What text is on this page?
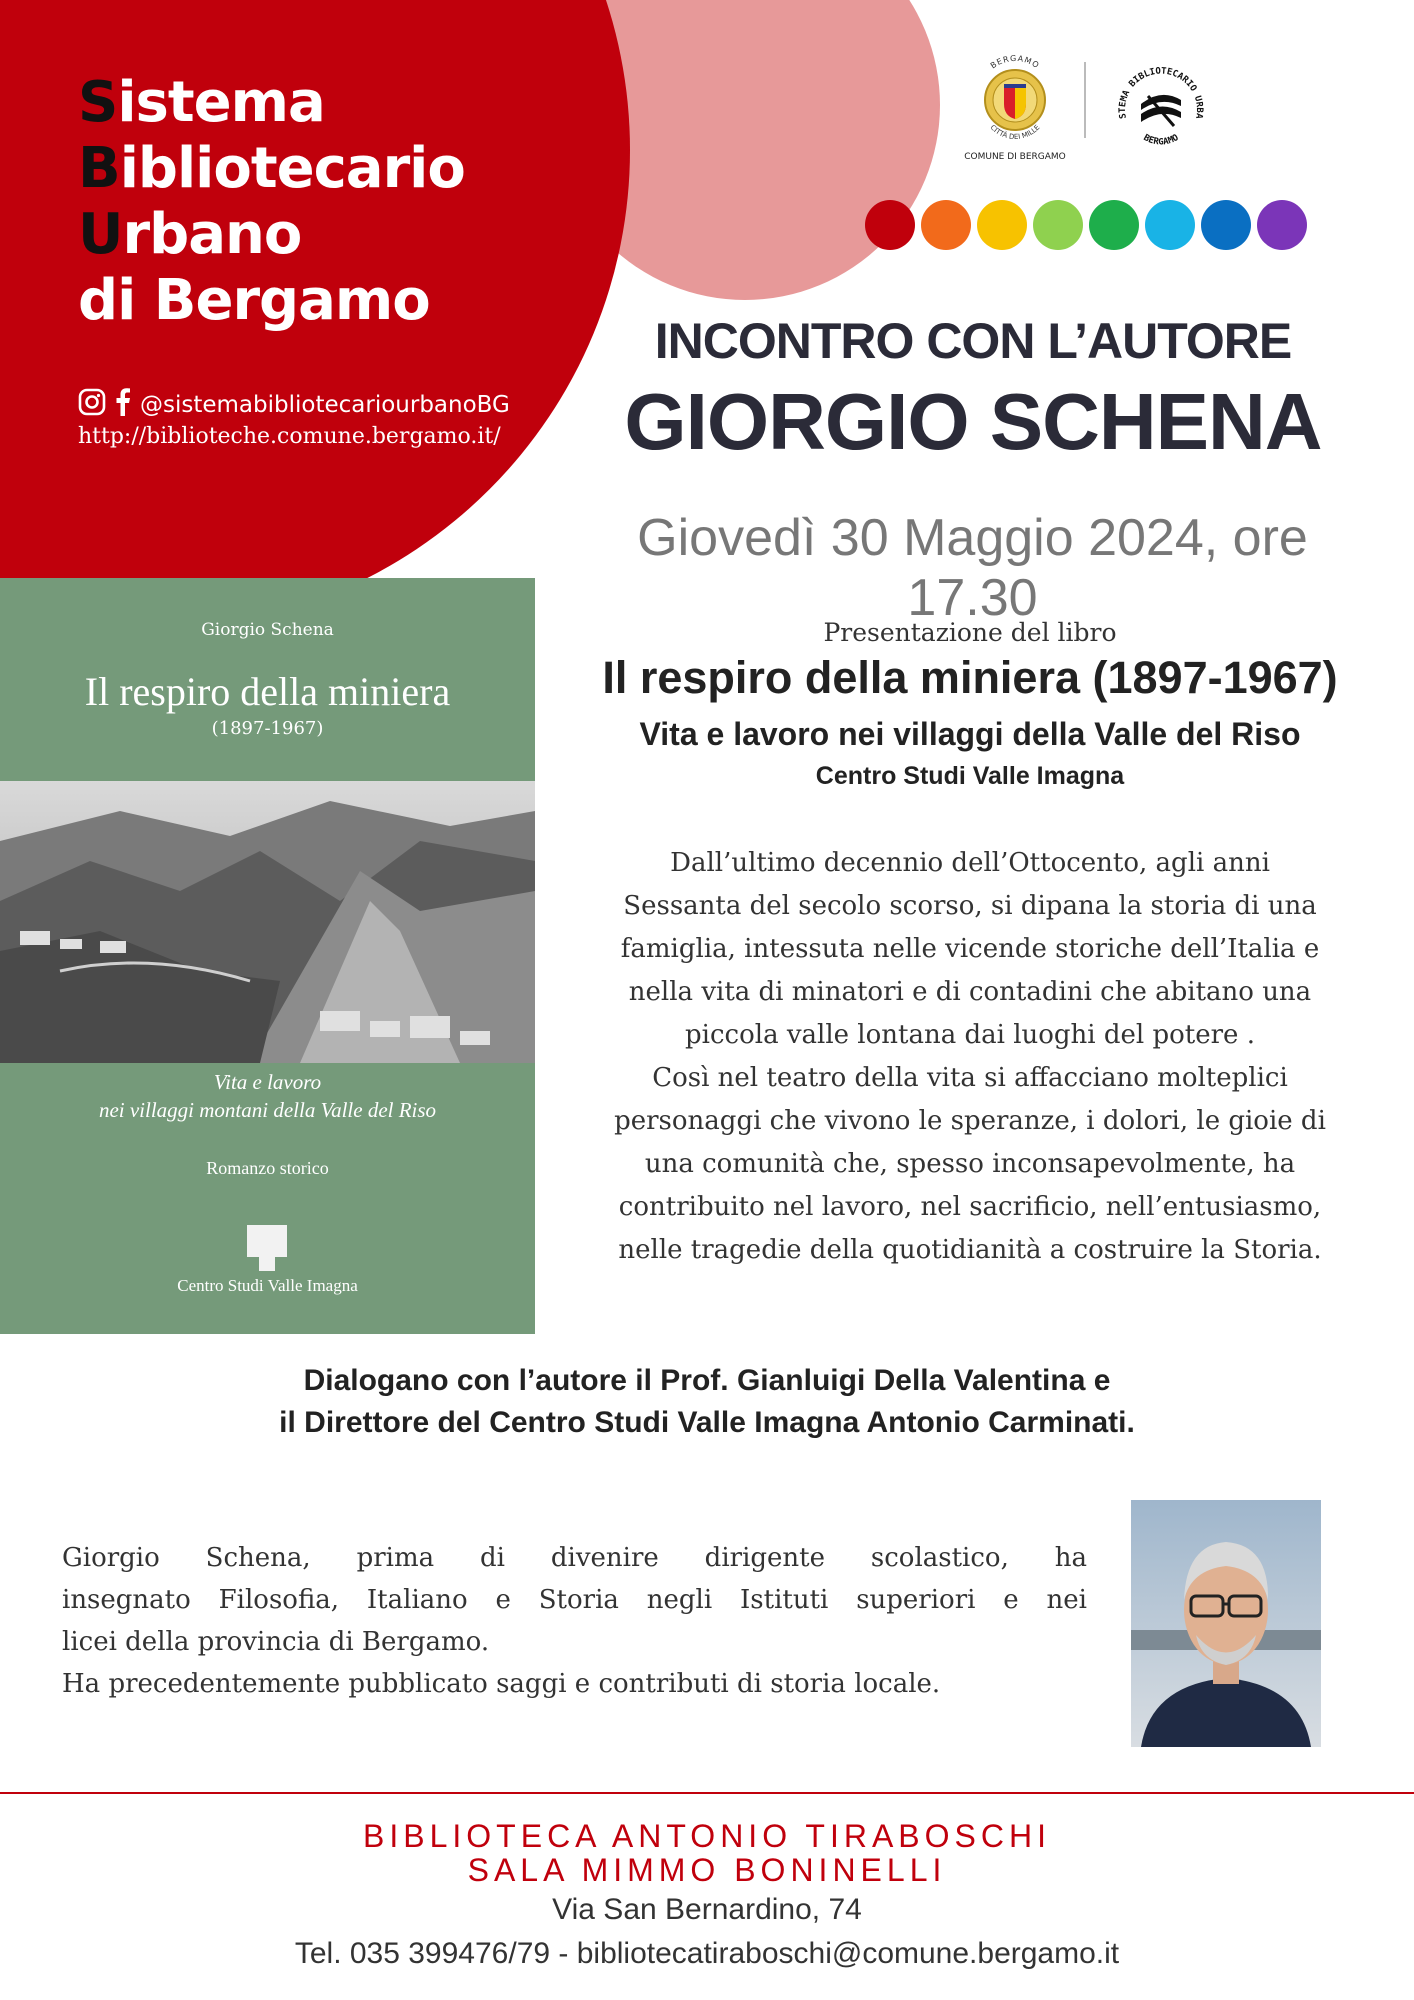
Sistema
Bibliotecario
Urbano
di Bergamo
@sistemabibliotecariourbanoBG
http://biblioteche.comune.bergamo.it/
BERGAMO
CITTÀ DEI MILLE
COMUNE DI BERGAMO
STEMA BIBLIOTECARIO URBA
BERGAMO
INCONTRO CON L’AUTORE
GIORGIO SCHENA
Giovedì 30 Maggio 2024, ore 17.30
Giorgio Schena
Il respiro della miniera
(1897-1967)
Vita e lavoro
nei villaggi montani della Valle del Riso
Romanzo storico
Centro Studi Valle Imagna
Presentazione del libro
Il respiro della miniera (1897-1967)
Vita e lavoro nei villaggi della Valle del Riso
Centro Studi Valle Imagna
Dall’ultimo decennio dell’Ottocento, agli anni
Sessanta del secolo scorso, si dipana la storia di una
famiglia, intessuta nelle vicende storiche dell’Italia e
nella vita di minatori e di contadini che abitano una
piccola valle lontana dai luoghi del potere .
Così nel teatro della vita si affacciano molteplici
personaggi che vivono le speranze, i dolori, le gioie di
una comunità che, spesso inconsapevolmente, ha
contribuito nel lavoro, nel sacrificio, nell’entusiasmo,
nelle tragedie della quotidianità a costruire la Storia.
Dialogano con l’autore il Prof. Gianluigi Della Valentina e
il Direttore del Centro Studi Valle Imagna Antonio Carminati.
Giorgio Schena, prima di divenire dirigente scolastico, ha
insegnato Filosofia, Italiano e Storia negli Istituti superiori e nei
licei della provincia di Bergamo.
Ha precedentemente pubblicato saggi e contributi di storia locale.
BIBLIOTECA ANTONIO TIRABOSCHI
SALA MIMMO BONINELLI
Via San Bernardino, 74
Tel. 035 399476/79 - bibliotecatiraboschi@comune.bergamo.it
